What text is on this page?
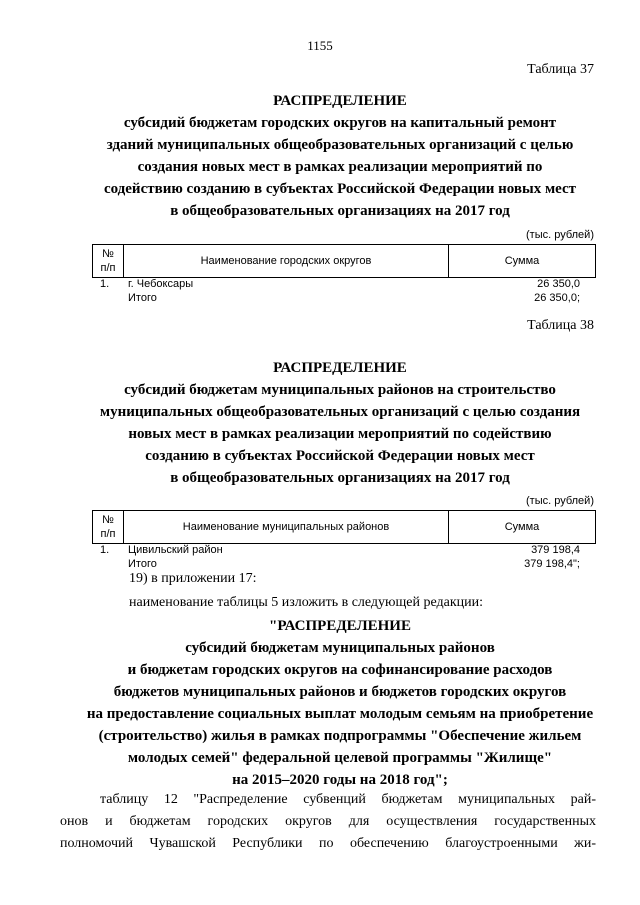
1155
Таблица 37
РАСПРЕДЕЛЕНИЕ
субсидий бюджетам городских округов на капитальный ремонт
зданий муниципальных общеобразовательных организаций с целью
создания новых мест в рамках реализации мероприятий по
содействию созданию в субъектах Российской Федерации новых мест
в общеобразовательных организациях на 2017 год
(тыс. рублей)
№
п/п	Наименование городских округов	Сумма
1. г. Чебоксары	26 350,0
Итого	26 350,0;
Таблица 38
РАСПРЕДЕЛЕНИЕ
субсидий бюджетам муниципальных районов на строительство
муниципальных общеобразовательных организаций с целью создания
новых мест в рамках реализации мероприятий по содействию
созданию в субъектах Российской Федерации новых мест
в общеобразовательных организациях на 2017 год
(тыс. рублей)
№
п/п	Наименование муниципальных районов	Сумма
1. Цивильский район	379 198,4
Итого	379 198,4";
19) в приложении 17:
наименование таблицы 5 изложить в следующей редакции:
"РАСПРЕДЕЛЕНИЕ
субсидий бюджетам муниципальных районов
и бюджетам городских округов на софинансирование расходов
бюджетов муниципальных районов и бюджетов городских округов
на предоставление социальных выплат молодым семьям на приобретение
(строительство) жилья в рамках подпрограммы "Обеспечение жильем
молодых семей" федеральной целевой программы "Жилище"
на 2015–2020 годы на 2018 год";
таблицу 12 "Распределение субвенций бюджетам муниципальных рай-
онов и бюджетам городских округов для осуществления государственных
полномочий Чувашской Республики по обеспечению благоустроенными жи-
